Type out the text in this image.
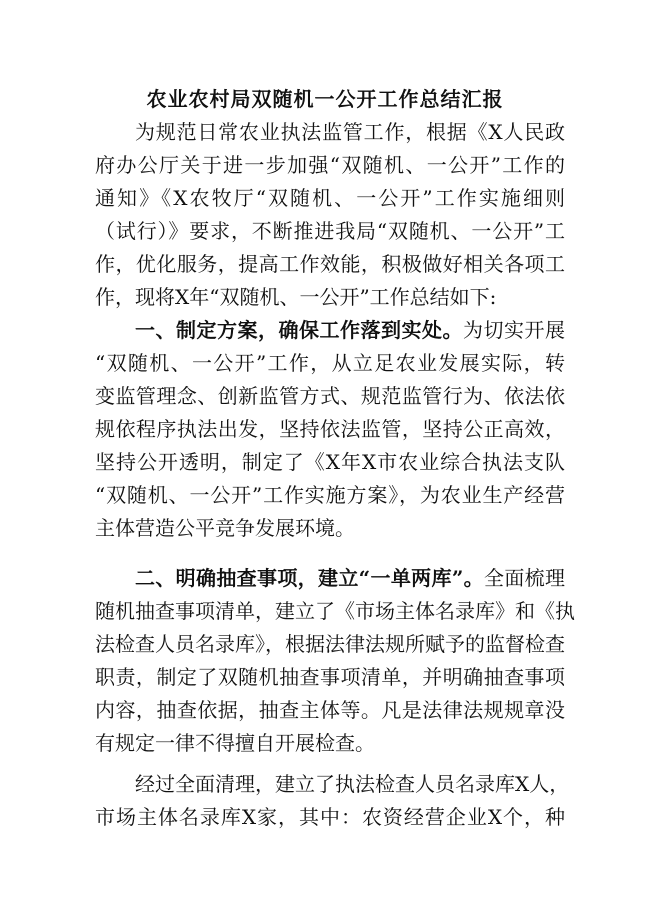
农业农村局双随机一公开工作总结汇报
为规范日常农业执法监管工作，根据《X人民政
府办公厅关于进一步加强“双随机、一公开”工作的
通知》《X农牧厅“双随机、一公开”工作实施细则
（试行）》要求，不断推进我局“双随机、一公开”工
作，优化服务，提高工作效能，积极做好相关各项工
作，现将X年“双随机、一公开”工作总结如下:
一、制定方案，确保工作落到实处。为切实开展
“双随机、一公开”工作，从立足农业发展实际，转
变监管理念、创新监管方式、规范监管行为、依法依
规依程序执法出发，坚持依法监管，坚持公正高效，
坚持公开透明，制定了《X年X市农业综合执法支队
“双随机、一公开”工作实施方案》，为农业生产经营
主体营造公平竞争发展环境。
二、明确抽查事项，建立“一单两库”。全面梳理
随机抽查事项清单，建立了《市场主体名录库》和《执
法检查人员名录库》，根据法律法规所赋予的监督检查
职责，制定了双随机抽查事项清单，并明确抽查事项
内容，抽查依据，抽查主体等。凡是法律法规规章没
有规定一律不得擅自开展检查。
经过全面清理，建立了执法检查人员名录库X人，
市场主体名录库X家，其中：农资经营企业X个，种
